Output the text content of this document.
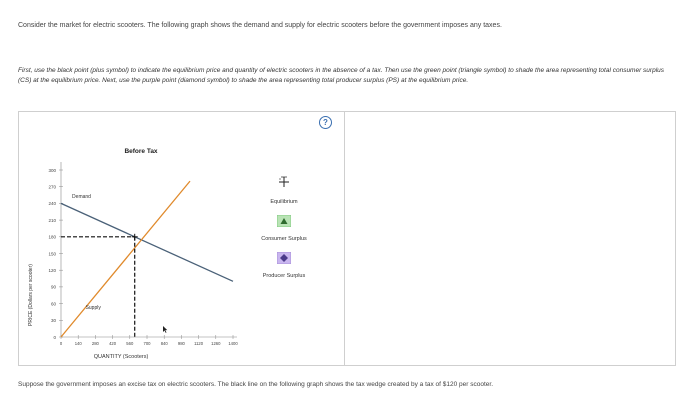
Consider the market for electric scooters. The following graph shows the demand and supply for electric scooters before the government imposes any taxes.
First, use the black point (plus symbol) to indicate the equilibrium price and quantity of electric scooters in the absence of a tax. Then use the green point (triangle symbol) to shade the area representing total consumer surplus (CS) at the equilibrium price. Next, use the purple point (diamond symbol) to shade the area representing total producer surplus (PS) at the equilibrium price.
Before Tax
PRICE (Dollars per scooter)
QUANTITY (Scooters)
0
30
60
90
120
150
180
210
240
270
300
0	140 280 420 560 700 840 980 1120 1260 1400
Demand
Supply
?
Equilibrium
Consumer Surplus
Producer Surplus
Suppose the government imposes an excise tax on electric scooters. The black line on the following graph shows the tax wedge created by a tax of $120 per scooter.
